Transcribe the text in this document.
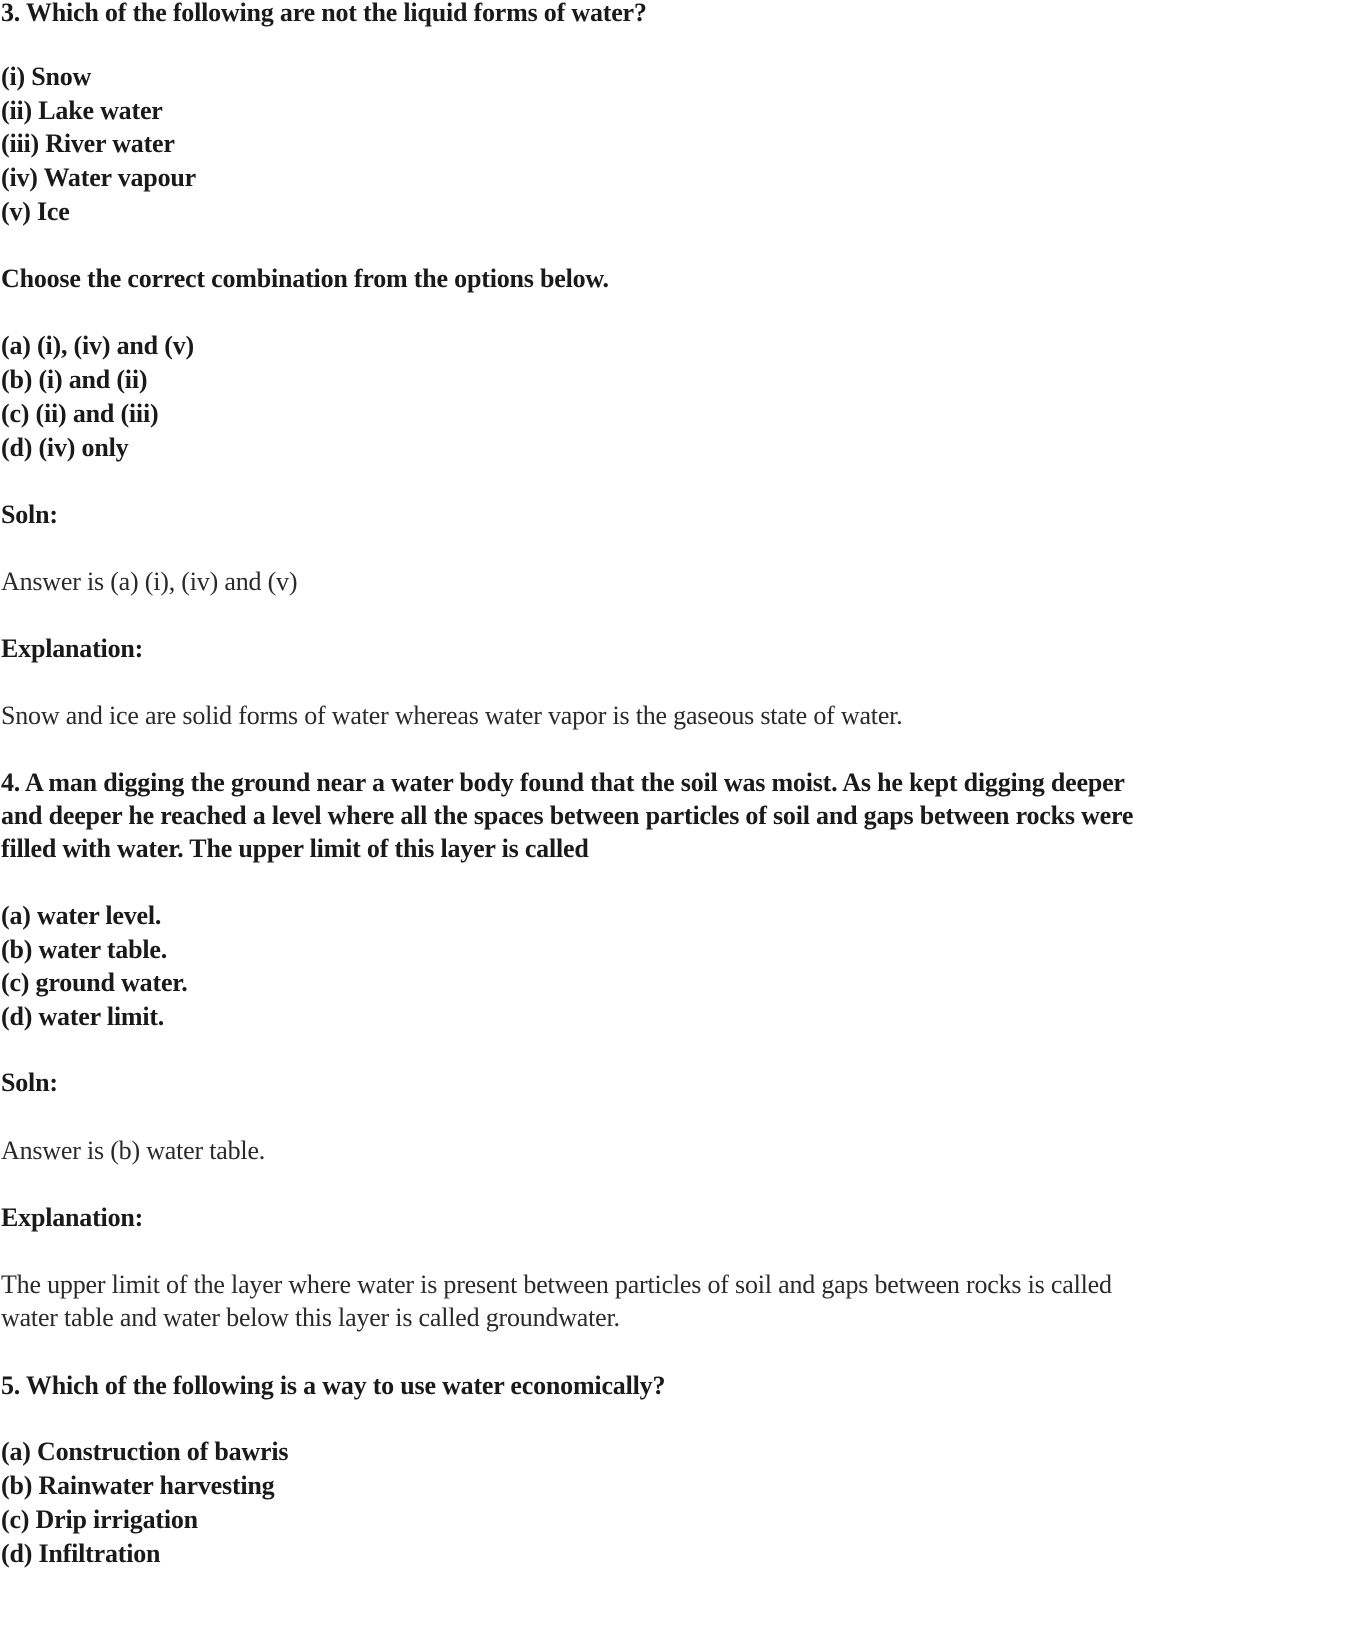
3. Which of the following are not the liquid forms of water?
(i) Snow
(ii) Lake water
(iii) River water
(iv) Water vapour
(v) Ice
Choose the correct combination from the options below.
(a) (i), (iv) and (v)
(b) (i) and (ii)
(c) (ii) and (iii)
(d) (iv) only
Soln:
Answer is (a) (i), (iv) and (v)
Explanation:
Snow and ice are solid forms of water whereas water vapor is the gaseous state of water.
4. A man digging the ground near a water body found that the soil was moist. As he kept digging deeper
and deeper he reached a level where all the spaces between particles of soil and gaps between rocks were
filled with water. The upper limit of this layer is called
(a) water level.
(b) water table.
(c) ground water.
(d) water limit.
Soln:
Answer is (b) water table.
Explanation:
The upper limit of the layer where water is present between particles of soil and gaps between rocks is called
water table and water below this layer is called groundwater.
5. Which of the following is a way to use water economically?
(a) Construction of bawris
(b) Rainwater harvesting
(c) Drip irrigation
(d) Infiltration
